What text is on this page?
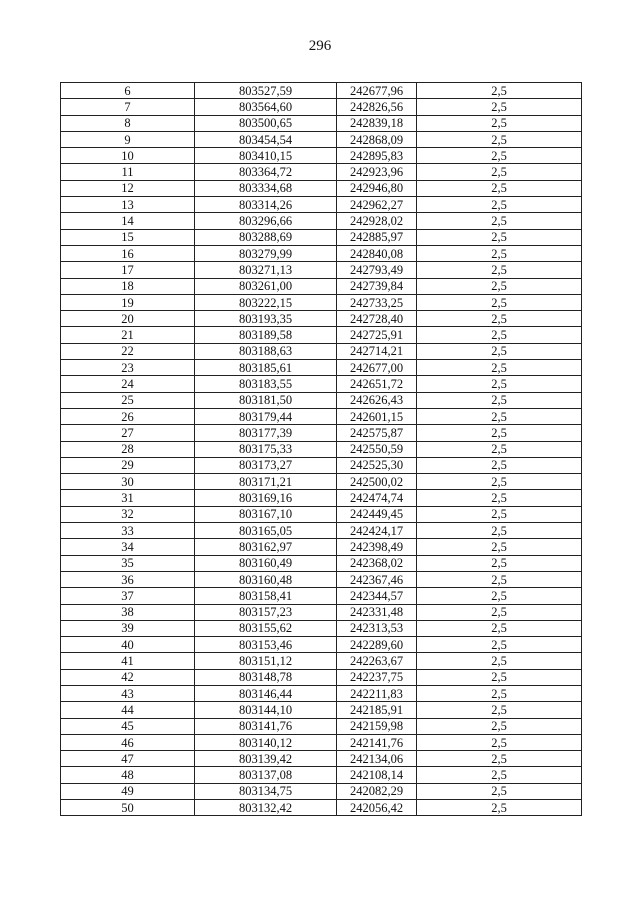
296
6	803527,59	242677,96	2,5
7	803564,60	242826,56	2,5
8	803500,65	242839,18	2,5
9	803454,54	242868,09	2,5
10	803410,15	242895,83	2,5
11	803364,72	242923,96	2,5
12	803334,68	242946,80	2,5
13	803314,26	242962,27	2,5
14	803296,66	242928,02	2,5
15	803288,69	242885,97	2,5
16	803279,99	242840,08	2,5
17	803271,13	242793,49	2,5
18	803261,00	242739,84	2,5
19	803222,15	242733,25	2,5
20	803193,35	242728,40	2,5
21	803189,58	242725,91	2,5
22	803188,63	242714,21	2,5
23	803185,61	242677,00	2,5
24	803183,55	242651,72	2,5
25	803181,50	242626,43	2,5
26	803179,44	242601,15	2,5
27	803177,39	242575,87	2,5
28	803175,33	242550,59	2,5
29	803173,27	242525,30	2,5
30	803171,21	242500,02	2,5
31	803169,16	242474,74	2,5
32	803167,10	242449,45	2,5
33	803165,05	242424,17	2,5
34	803162,97	242398,49	2,5
35	803160,49	242368,02	2,5
36	803160,48	242367,46	2,5
37	803158,41	242344,57	2,5
38	803157,23	242331,48	2,5
39	803155,62	242313,53	2,5
40	803153,46	242289,60	2,5
41	803151,12	242263,67	2,5
42	803148,78	242237,75	2,5
43	803146,44	242211,83	2,5
44	803144,10	242185,91	2,5
45	803141,76	242159,98	2,5
46	803140,12	242141,76	2,5
47	803139,42	242134,06	2,5
48	803137,08	242108,14	2,5
49	803134,75	242082,29	2,5
50	803132,42	242056,42	2,5
